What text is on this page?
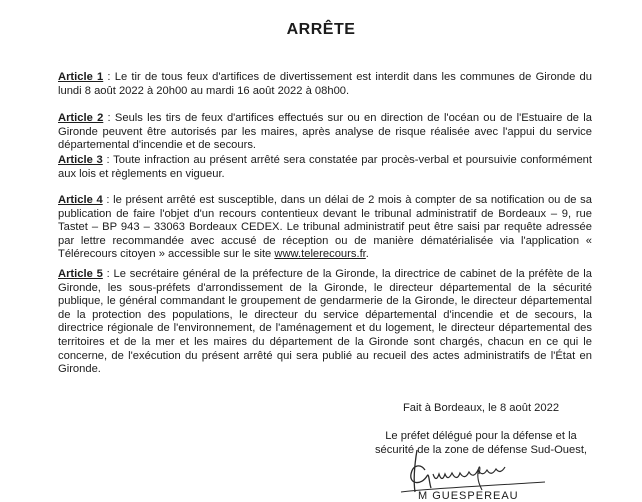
ARRÊTE

Article 1 : Le tir de tous feux d'artifices de divertissement est interdit dans les communes de Gironde du lundi 8 août 2022 à 20h00 au mardi 16 août 2022 à 08h00.

Article 2 : Seuls les tirs de feux d'artifices effectués sur ou en direction de l'océan ou de l'Estuaire de la Gironde peuvent être autorisés par les maires, après analyse de risque réalisée avec l'appui du service départemental d'incendie et de secours.

Article 3 : Toute infraction au présent arrêté sera constatée par procès-verbal et poursuivie conformément aux lois et règlements en vigueur.

Article 4 : le présent arrêté est susceptible, dans un délai de 2 mois à compter de sa notification ou de sa publication de faire l'objet d'un recours contentieux devant le tribunal administratif de Bordeaux – 9, rue Tastet – BP 943 – 33063 Bordeaux CEDEX. Le tribunal administratif peut être saisi par requête adressée par lettre recommandée avec accusé de réception ou de manière dématérialisée via l'application « Télérecours citoyen » accessible sur le site www.telerecours.fr.

Article 5 : Le secrétaire général de la préfecture de la Gironde, la directrice de cabinet de la préfète de la Gironde, les sous-préfets d'arrondissement de la Gironde, le directeur départemental de la sécurité publique, le général commandant le groupement de gendarmerie de la Gironde, le directeur départemental de la protection des populations, le directeur du service départemental d'incendie et de secours, la directrice régionale de l'environnement, de l'aménagement et du logement, le directeur départemental des territoires et de la mer et les maires du département de la Gironde sont chargés, chacun en ce qui le concerne, de l'exécution du présent arrêté qui sera publié au recueil des actes administratifs de l'État en Gironde.

Fait à Bordeaux, le 8 août 2022
Le préfet délégué pour la défense et la
sécurité de la zone de défense Sud-Ouest,
M GUESPEREAU
